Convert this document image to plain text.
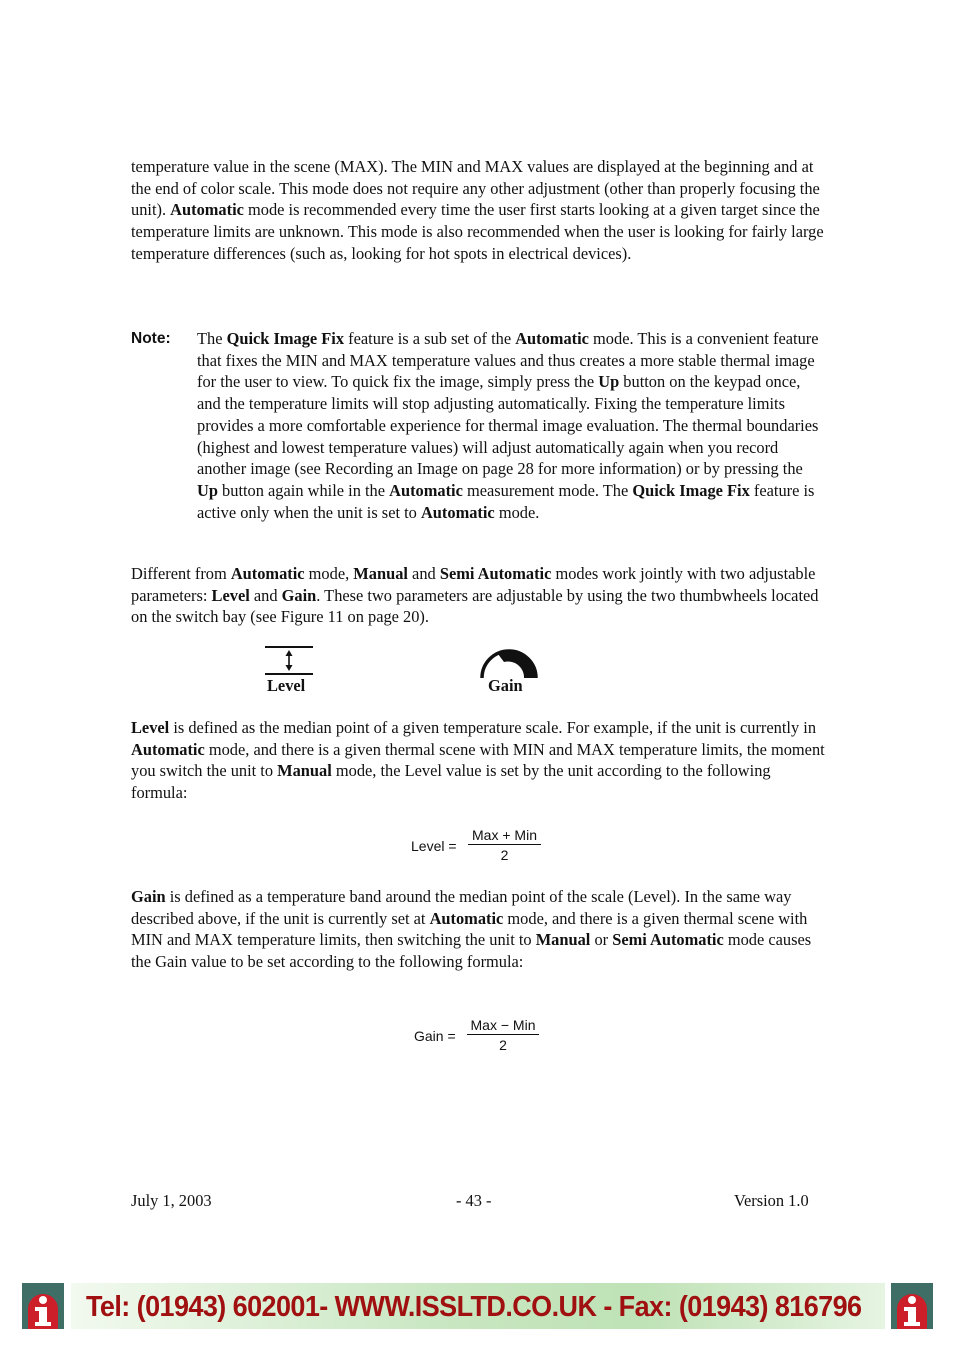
temperature value in the scene (MAX). The MIN and MAX values are displayed at the beginning and at the end of color scale. This mode does not require any other adjustment (other than properly focusing the unit). Automatic mode is recommended every time the user first starts looking at a given target since the temperature limits are unknown. This mode is also recommended when the user is looking for fairly large temperature differences (such as, looking for hot spots in electrical devices).

Note: The Quick Image Fix feature is a sub set of the Automatic mode. This is a convenient feature that fixes the MIN and MAX temperature values and thus creates a more stable thermal image for the user to view. To quick fix the image, simply press the Up button on the keypad once, and the temperature limits will stop adjusting automatically. Fixing the temperature limits provides a more comfortable experience for thermal image evaluation. The thermal boundaries (highest and lowest temperature values) will adjust automatically again when you record another image (see Recording an Image on page 28 for more information) or by pressing the Up button again while in the Automatic measurement mode. The Quick Image Fix feature is active only when the unit is set to Automatic mode.

Different from Automatic mode, Manual and Semi Automatic modes work jointly with two adjustable parameters: Level and Gain. These two parameters are adjustable by using the two thumbwheels located on the switch bay (see Figure 11 on page 20).

Level	Gain

Level is defined as the median point of a given temperature scale. For example, if the unit is currently in Automatic mode, and there is a given thermal scene with MIN and MAX temperature limits, the moment you switch the unit to Manual mode, the Level value is set by the unit according to the following formula:

Level =
Max + Min
2

Gain is defined as a temperature band around the median point of the scale (Level). In the same way described above, if the unit is currently set at Automatic mode, and there is a given thermal scene with MIN and MAX temperature limits, then switching the unit to Manual or Semi Automatic mode causes the Gain value to be set according to the following formula:

Gain =
Max − Min
2
July 1, 2003	- 43 -	Version 1.0
Tel: (01943) 602001- WWW.ISSLTD.CO.UK - Fax: (01943) 816796
